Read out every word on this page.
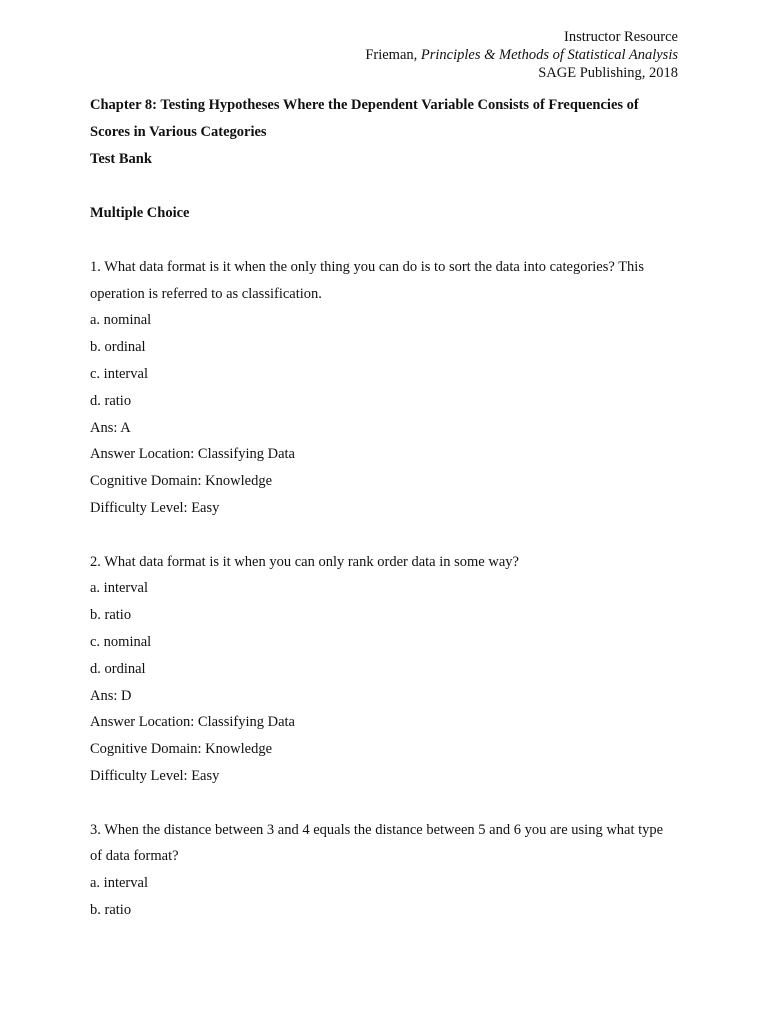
Instructor Resource
Frieman, Principles & Methods of Statistical Analysis
SAGE Publishing, 2018
Chapter 8: Testing Hypotheses Where the Dependent Variable Consists of Frequencies of Scores in Various Categories
Test Bank
Multiple Choice
1. What data format is it when the only thing you can do is to sort the data into categories? This operation is referred to as classification.
a. nominal
b. ordinal
c. interval
d. ratio
Ans: A
Answer Location: Classifying Data
Cognitive Domain: Knowledge
Difficulty Level: Easy
2. What data format is it when you can only rank order data in some way?
a. interval
b. ratio
c. nominal
d. ordinal
Ans: D
Answer Location: Classifying Data
Cognitive Domain: Knowledge
Difficulty Level: Easy
3. When the distance between 3 and 4 equals the distance between 5 and 6 you are using what type of data format?
a. interval
b. ratio
